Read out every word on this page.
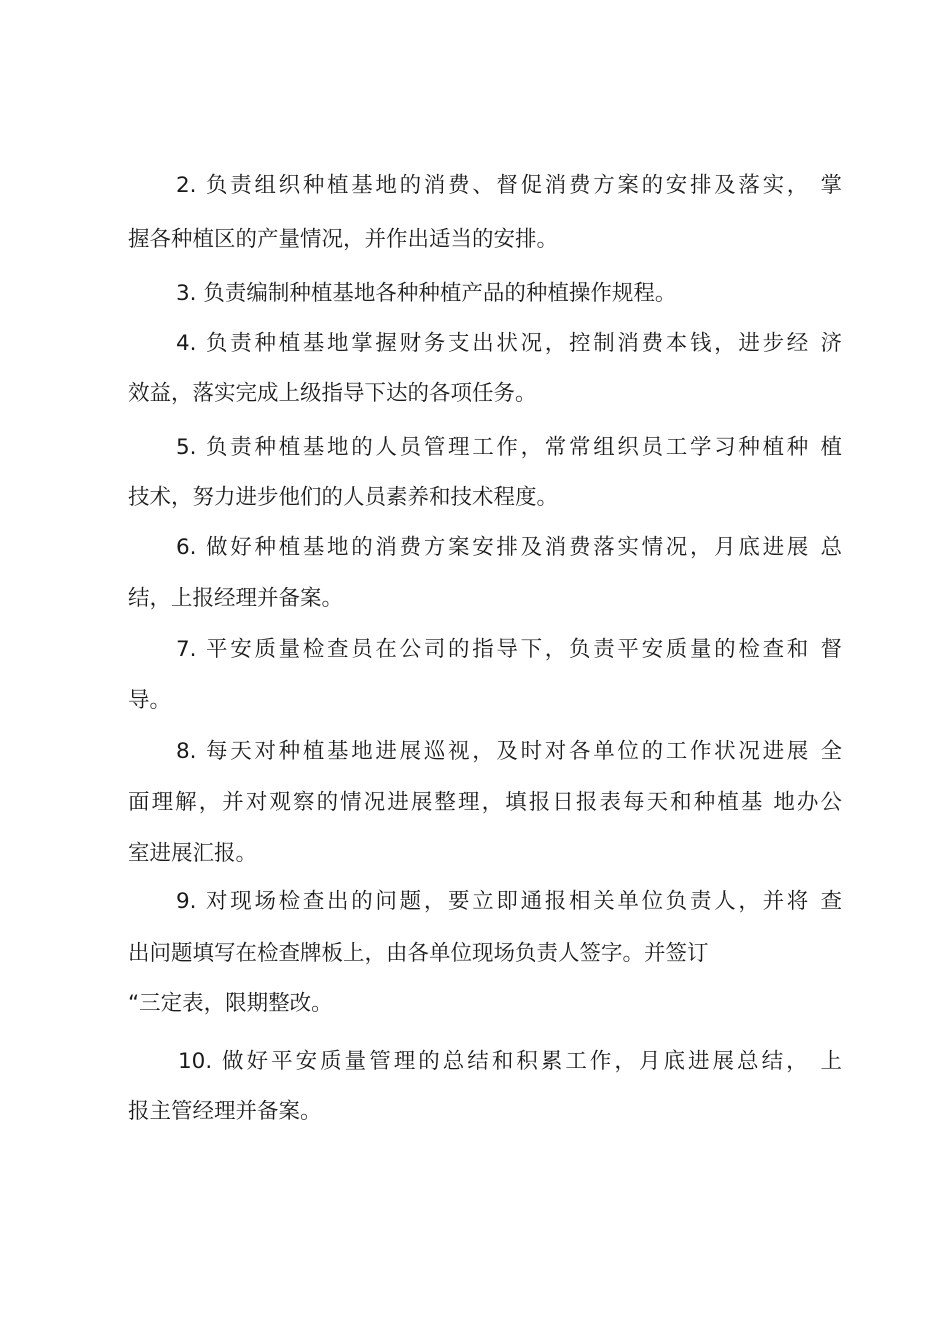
2. 负责组织种植基地的消费、督促消费方案的安排及落实， 掌
握各种植区的产量情况，并作出适当的安排。
3. 负责编制种植基地各种种植产品的种植操作规程。
4. 负责种植基地掌握财务支出状况，控制消费本钱，进步经 济
效益，落实完成上级指导下达的各项任务。
5. 负责种植基地的人员管理工作，常常组织员工学习种植种 植
技术，努力进步他们的人员素养和技术程度。
6. 做好种植基地的消费方案安排及消费落实情况，月底进展 总
结，上报经理并备案。
7. 平安质量检查员在公司的指导下，负责平安质量的检查和 督
导。
8. 每天对种植基地进展巡视，及时对各单位的工作状况进展 全
面理解，并对观察的情况进展整理，填报日报表每天和种植基 地办公
室进展汇报。
9. 对现场检查出的问题，要立即通报相关单位负责人，并将 查
出问题填写在检查牌板上，由各单位现场负责人签字。并签订
“三定表，限期整改。
10. 做好平安质量管理的总结和积累工作，月底进展总结， 上
报主管经理并备案。
